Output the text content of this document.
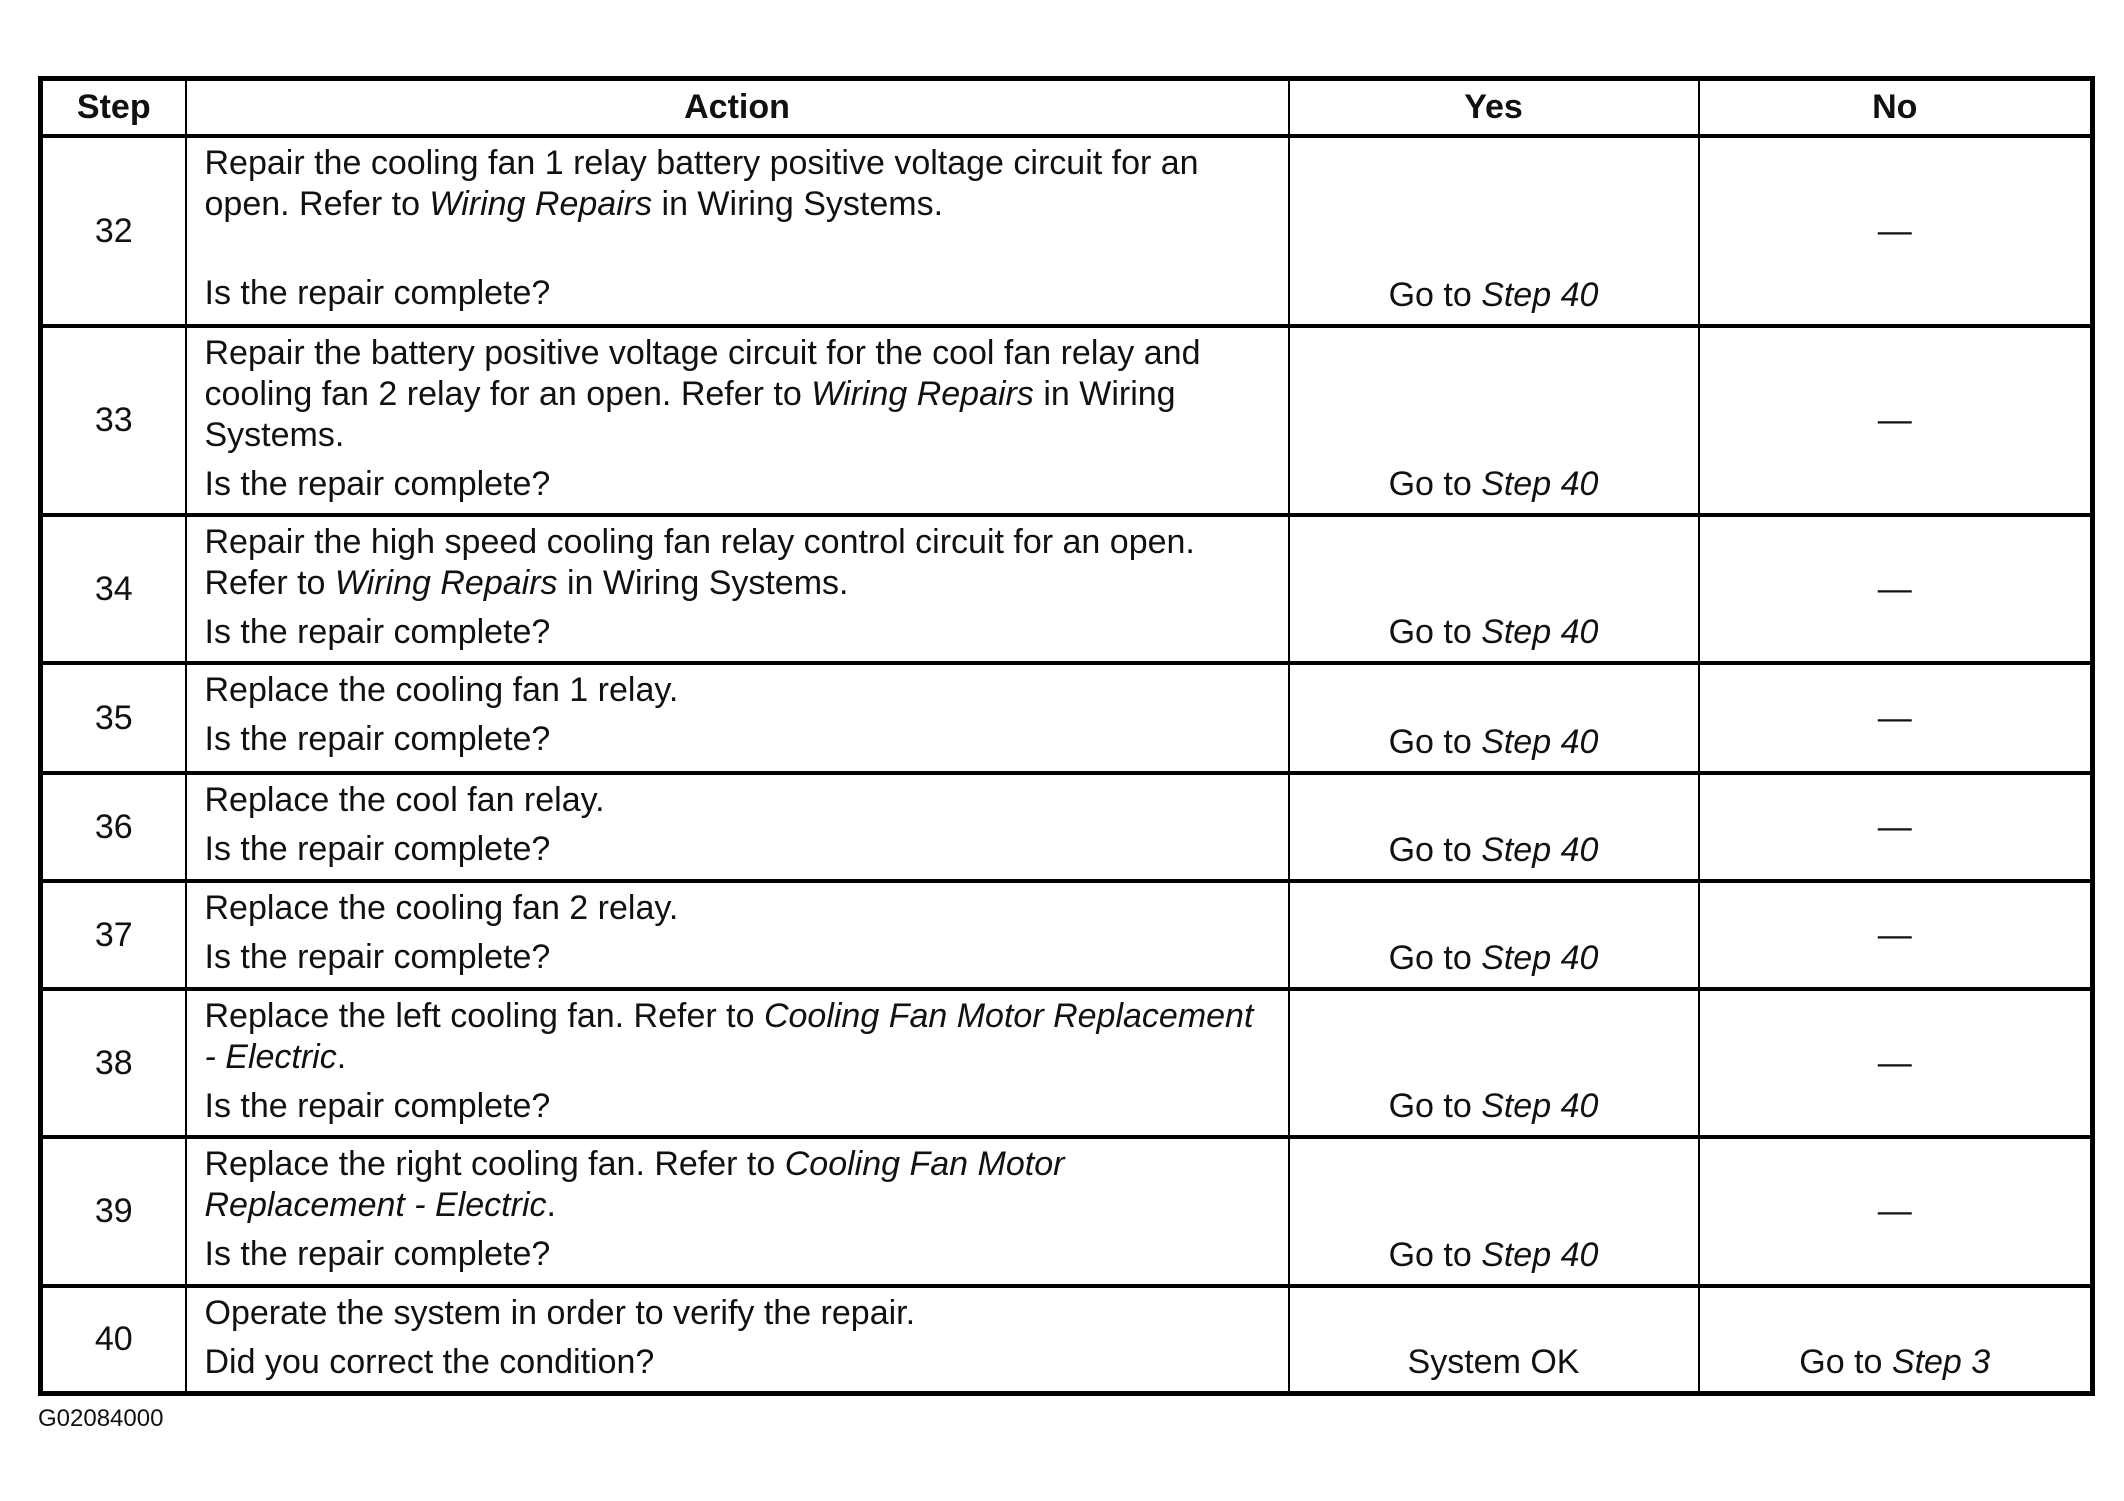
Step	Action	Yes	No
32	Repair the cooling fan 1 relay battery positive voltage circuit for an open. Refer to Wiring Repairs in Wiring Systems.
Is the repair complete?	Go to Step 40	—
33	Repair the battery positive voltage circuit for the cool fan relay and cooling fan 2 relay for an open. Refer to Wiring Repairs in Wiring Systems.
Is the repair complete?	Go to Step 40	—
34	Repair the high speed cooling fan relay control circuit for an open. Refer to Wiring Repairs in Wiring Systems.
Is the repair complete?	Go to Step 40	—
35	Replace the cooling fan 1 relay.
Is the repair complete?	Go to Step 40	—
36	Replace the cool fan relay.
Is the repair complete?	Go to Step 40	—
37	Replace the cooling fan 2 relay.
Is the repair complete?	Go to Step 40	—
38	Replace the left cooling fan. Refer to Cooling Fan Motor Replacement - Electric.
Is the repair complete?	Go to Step 40	—
39	Replace the right cooling fan. Refer to Cooling Fan Motor Replacement - Electric.
Is the repair complete?	Go to Step 40	—
40	Operate the system in order to verify the repair.
Did you correct the condition?	System OK	Go to Step 3
G02084000
